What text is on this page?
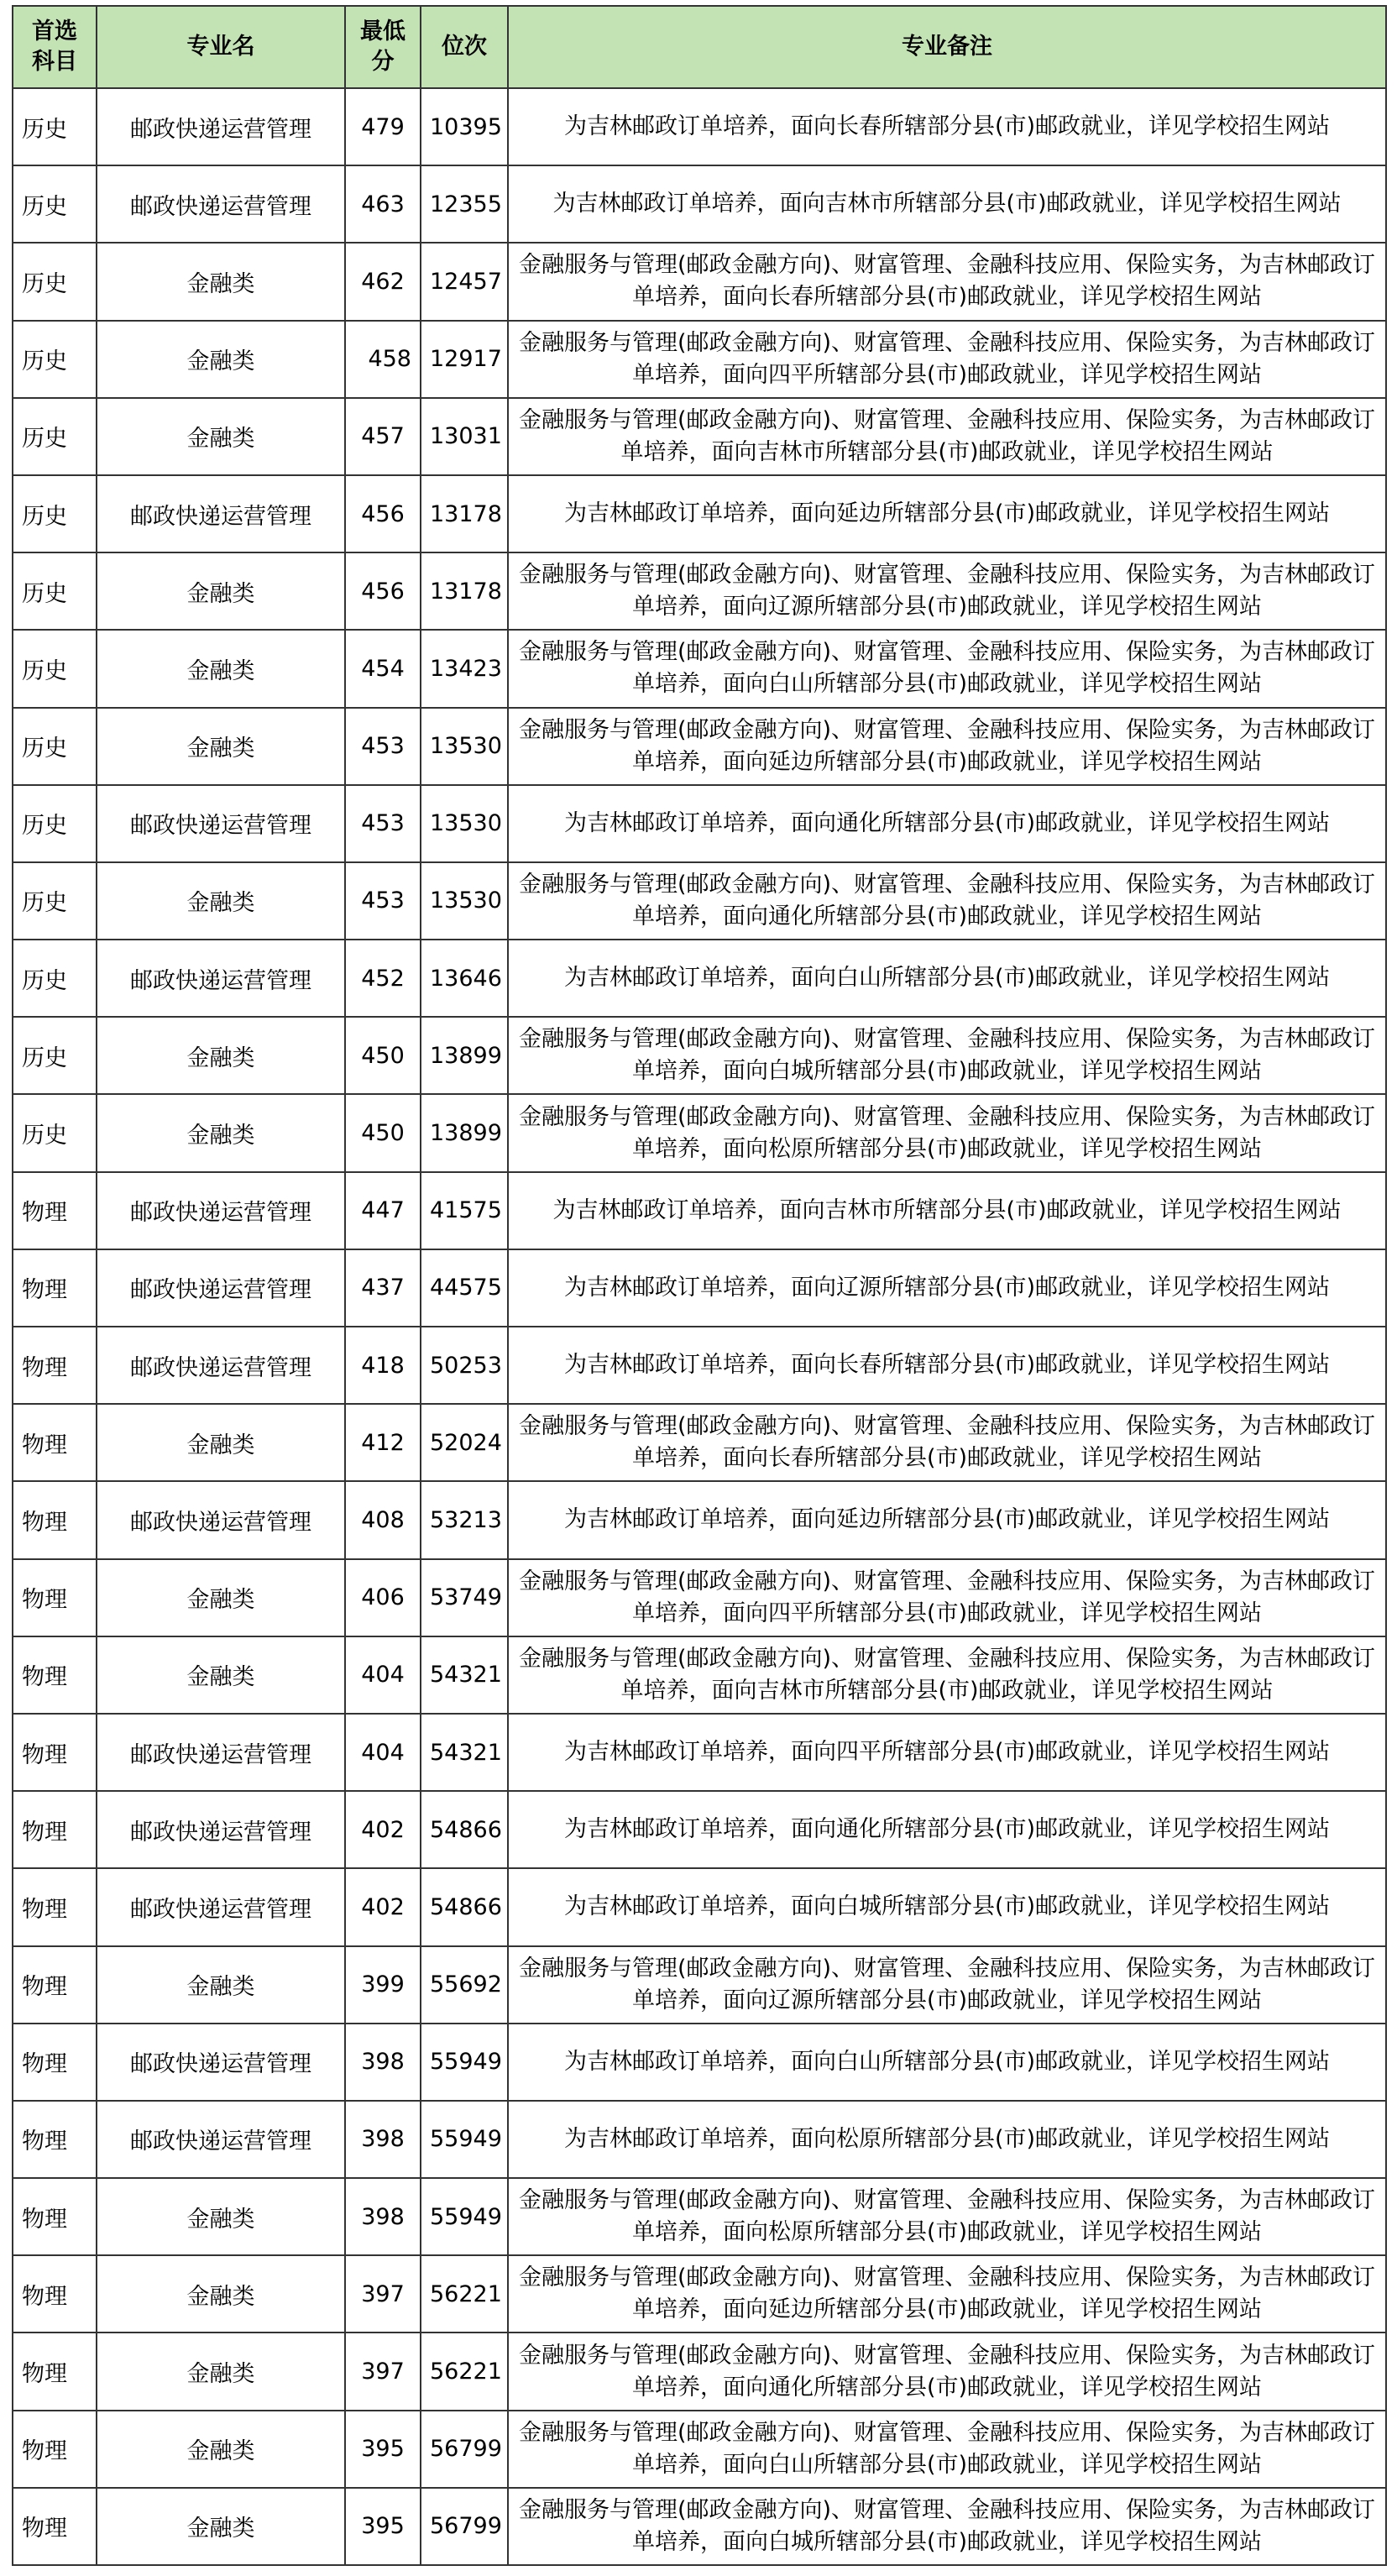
首选科目	专业名	最低分	位次	专业备注
历史	邮政快递运营管理	479	10395	为吉林邮政订单培养，面向长春所辖部分县(市)邮政就业，详见学校招生网站
历史	邮政快递运营管理	463	12355	为吉林邮政订单培养，面向吉林市所辖部分县(市)邮政就业，详见学校招生网站
历史	金融类	462	12457	金融服务与管理(邮政金融方向)、财富管理、金融科技应用、保险实务，为吉林邮政订单培养，面向长春所辖部分县(市)邮政就业，详见学校招生网站
历史	金融类	458	12917	金融服务与管理(邮政金融方向)、财富管理、金融科技应用、保险实务，为吉林邮政订单培养，面向四平所辖部分县(市)邮政就业，详见学校招生网站
历史	金融类	457	13031	金融服务与管理(邮政金融方向)、财富管理、金融科技应用、保险实务，为吉林邮政订单培养，面向吉林市所辖部分县(市)邮政就业，详见学校招生网站
历史	邮政快递运营管理	456	13178	为吉林邮政订单培养，面向延边所辖部分县(市)邮政就业，详见学校招生网站
历史	金融类	456	13178	金融服务与管理(邮政金融方向)、财富管理、金融科技应用、保险实务，为吉林邮政订单培养，面向辽源所辖部分县(市)邮政就业，详见学校招生网站
历史	金融类	454	13423	金融服务与管理(邮政金融方向)、财富管理、金融科技应用、保险实务，为吉林邮政订单培养，面向白山所辖部分县(市)邮政就业，详见学校招生网站
历史	金融类	453	13530	金融服务与管理(邮政金融方向)、财富管理、金融科技应用、保险实务，为吉林邮政订单培养，面向延边所辖部分县(市)邮政就业，详见学校招生网站
历史	邮政快递运营管理	453	13530	为吉林邮政订单培养，面向通化所辖部分县(市)邮政就业，详见学校招生网站
历史	金融类	453	13530	金融服务与管理(邮政金融方向)、财富管理、金融科技应用、保险实务，为吉林邮政订单培养，面向通化所辖部分县(市)邮政就业，详见学校招生网站
历史	邮政快递运营管理	452	13646	为吉林邮政订单培养，面向白山所辖部分县(市)邮政就业，详见学校招生网站
历史	金融类	450	13899	金融服务与管理(邮政金融方向)、财富管理、金融科技应用、保险实务，为吉林邮政订单培养，面向白城所辖部分县(市)邮政就业，详见学校招生网站
历史	金融类	450	13899	金融服务与管理(邮政金融方向)、财富管理、金融科技应用、保险实务，为吉林邮政订单培养，面向松原所辖部分县(市)邮政就业，详见学校招生网站
物理	邮政快递运营管理	447	41575	为吉林邮政订单培养，面向吉林市所辖部分县(市)邮政就业，详见学校招生网站
物理	邮政快递运营管理	437	44575	为吉林邮政订单培养，面向辽源所辖部分县(市)邮政就业，详见学校招生网站
物理	邮政快递运营管理	418	50253	为吉林邮政订单培养，面向长春所辖部分县(市)邮政就业，详见学校招生网站
物理	金融类	412	52024	金融服务与管理(邮政金融方向)、财富管理、金融科技应用、保险实务，为吉林邮政订单培养，面向长春所辖部分县(市)邮政就业，详见学校招生网站
物理	邮政快递运营管理	408	53213	为吉林邮政订单培养，面向延边所辖部分县(市)邮政就业，详见学校招生网站
物理	金融类	406	53749	金融服务与管理(邮政金融方向)、财富管理、金融科技应用、保险实务，为吉林邮政订单培养，面向四平所辖部分县(市)邮政就业，详见学校招生网站
物理	金融类	404	54321	金融服务与管理(邮政金融方向)、财富管理、金融科技应用、保险实务，为吉林邮政订单培养，面向吉林市所辖部分县(市)邮政就业，详见学校招生网站
物理	邮政快递运营管理	404	54321	为吉林邮政订单培养，面向四平所辖部分县(市)邮政就业，详见学校招生网站
物理	邮政快递运营管理	402	54866	为吉林邮政订单培养，面向通化所辖部分县(市)邮政就业，详见学校招生网站
物理	邮政快递运营管理	402	54866	为吉林邮政订单培养，面向白城所辖部分县(市)邮政就业，详见学校招生网站
物理	金融类	399	55692	金融服务与管理(邮政金融方向)、财富管理、金融科技应用、保险实务，为吉林邮政订单培养，面向辽源所辖部分县(市)邮政就业，详见学校招生网站
物理	邮政快递运营管理	398	55949	为吉林邮政订单培养，面向白山所辖部分县(市)邮政就业，详见学校招生网站
物理	邮政快递运营管理	398	55949	为吉林邮政订单培养，面向松原所辖部分县(市)邮政就业，详见学校招生网站
物理	金融类	398	55949	金融服务与管理(邮政金融方向)、财富管理、金融科技应用、保险实务，为吉林邮政订单培养，面向松原所辖部分县(市)邮政就业，详见学校招生网站
物理	金融类	397	56221	金融服务与管理(邮政金融方向)、财富管理、金融科技应用、保险实务，为吉林邮政订单培养，面向延边所辖部分县(市)邮政就业，详见学校招生网站
物理	金融类	397	56221	金融服务与管理(邮政金融方向)、财富管理、金融科技应用、保险实务，为吉林邮政订单培养，面向通化所辖部分县(市)邮政就业，详见学校招生网站
物理	金融类	395	56799	金融服务与管理(邮政金融方向)、财富管理、金融科技应用、保险实务，为吉林邮政订单培养，面向白山所辖部分县(市)邮政就业，详见学校招生网站
物理	金融类	395	56799	金融服务与管理(邮政金融方向)、财富管理、金融科技应用、保险实务，为吉林邮政订单培养，面向白城所辖部分县(市)邮政就业，详见学校招生网站
